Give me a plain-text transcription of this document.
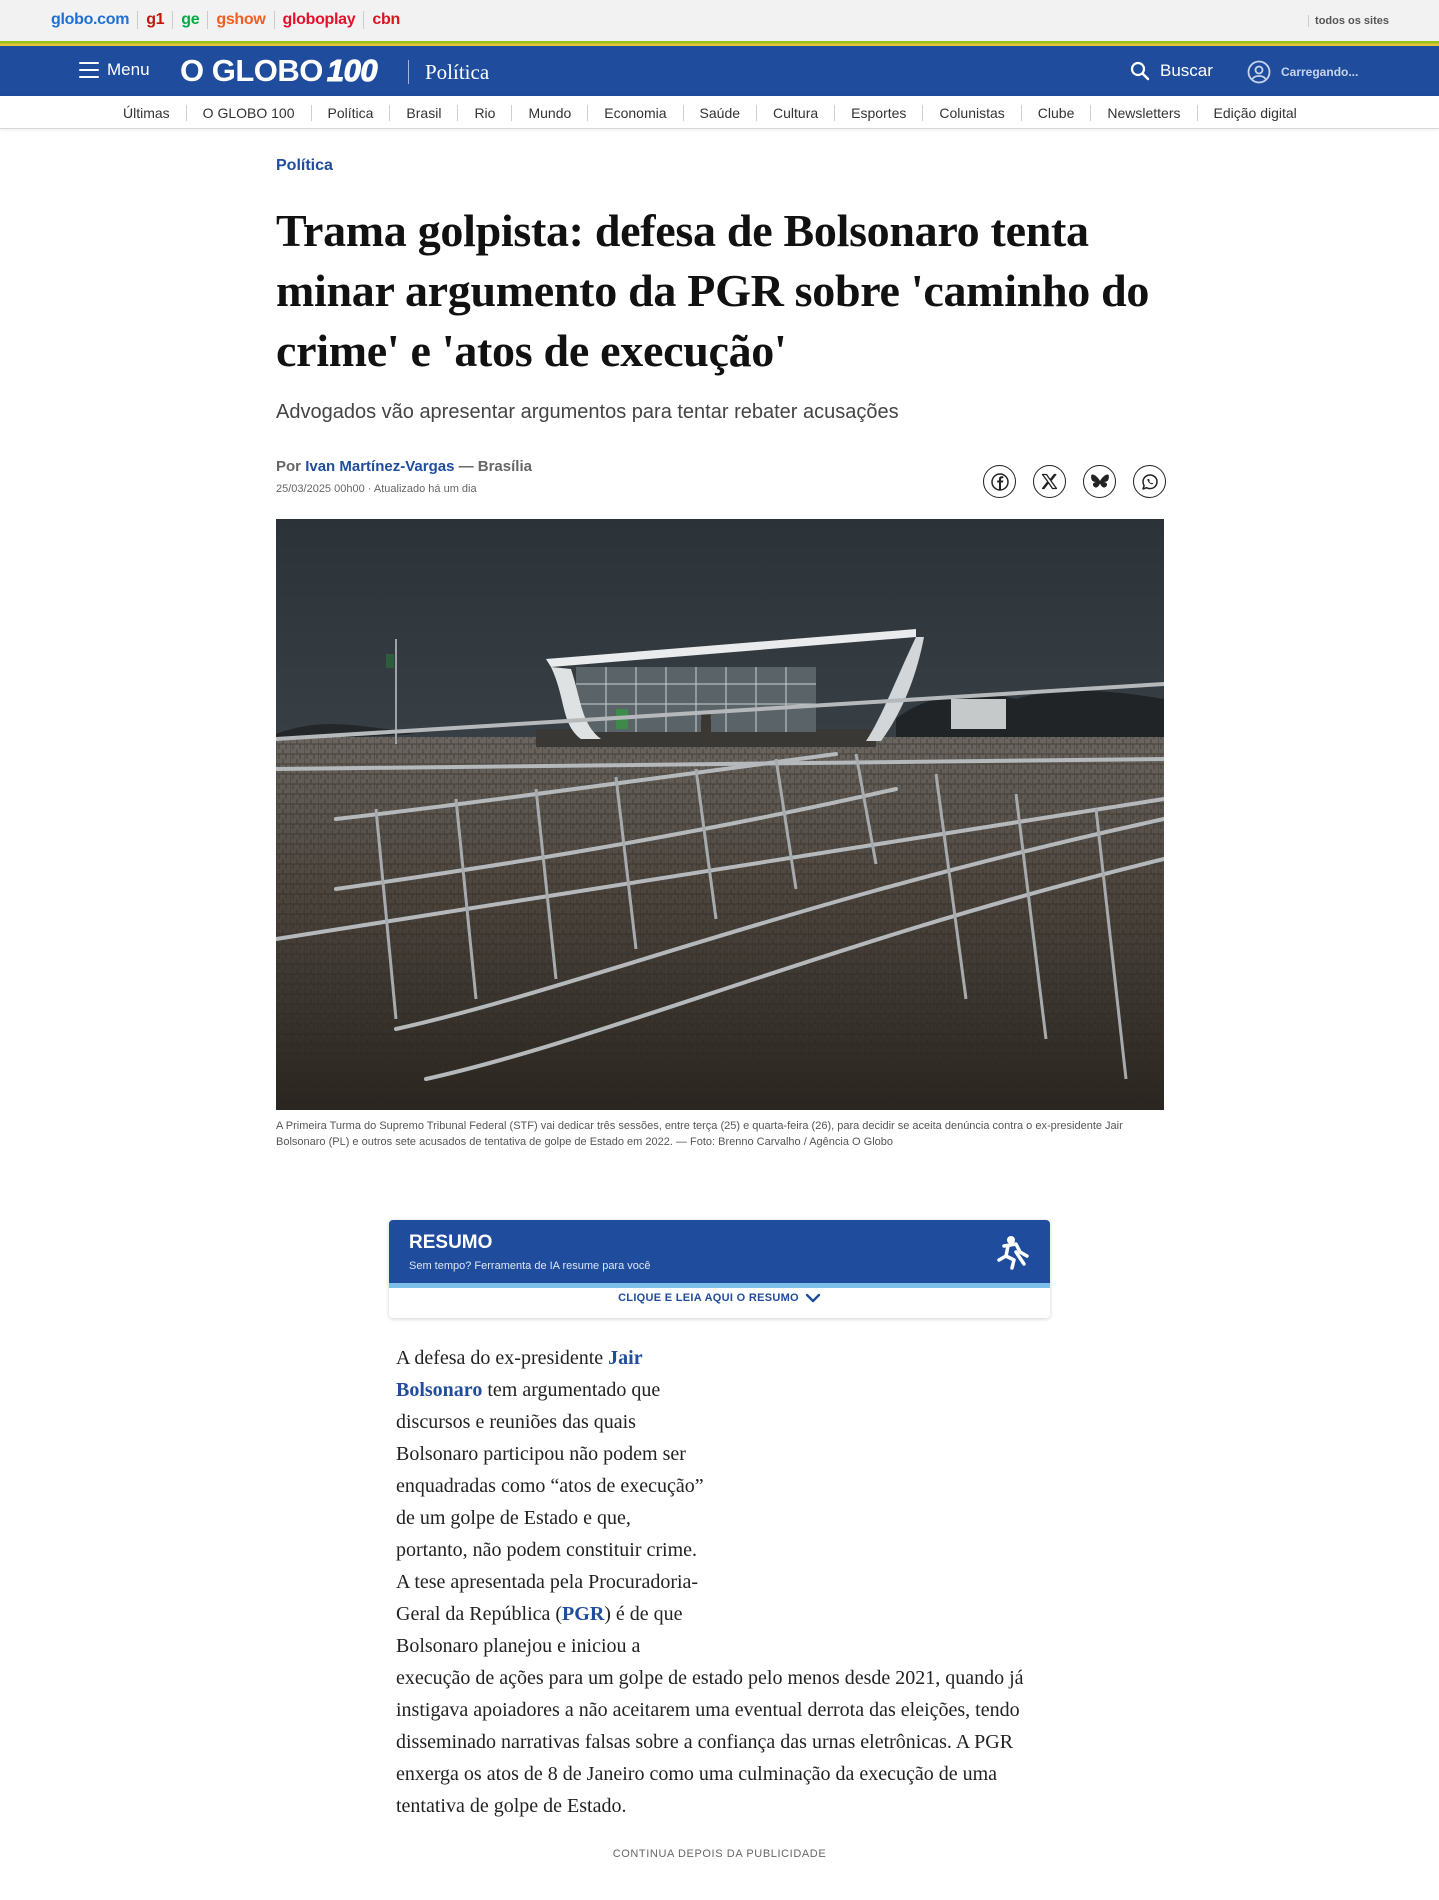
globo.com	g1	ge	gshow	globoplay	cbn	todos os sites
Menu O GLOBO 100 Política	Buscar	Carregando...
Últimas	O GLOBO 100	Política	Brasil	Rio	Mundo	Economia	Saúde	Cultura	Esportes	Colunistas	Clube	Newsletters	Edição digital
Política
Trama golpista: defesa de Bolsonaro tenta minar argumento da PGR sobre 'caminho do crime' e 'atos de execução'
Advogados vão apresentar argumentos para tentar rebater acusações
Por Ivan Martínez-Vargas — Brasília
25/03/2025 00h00 · Atualizado há um dia
A Primeira Turma do Supremo Tribunal Federal (STF) vai dedicar três sessões, entre terça (25) e quarta-feira (26), para decidir se aceita denúncia contra o ex-presidente Jair Bolsonaro (PL) e outros sete acusados de tentativa de golpe de Estado em 2022. — Foto: Brenno Carvalho / Agência O Globo
RESUMO
Sem tempo? Ferramenta de IA resume para você
CLIQUE E LEIA AQUI O RESUMO

A defesa do ex-presidente Jair Bolsonaro tem argumentado que discursos e reuniões das quais Bolsonaro participou não podem ser enquadradas como “atos de execução” de um golpe de Estado e que, portanto, não podem constituir crime. A tese apresentada pela Procuradoria-Geral da República (PGR) é de que Bolsonaro planejou e iniciou a execução de ações para um golpe de estado pelo menos desde 2021, quando já instigava apoiadores a não aceitarem uma eventual derrota das eleições, tendo disseminado narrativas falsas sobre a confiança das urnas eletrônicas. A PGR enxerga os atos de 8 de Janeiro como uma culminação da execução de uma tentativa de golpe de Estado.

CONTINUA DEPOIS DA PUBLICIDADE
